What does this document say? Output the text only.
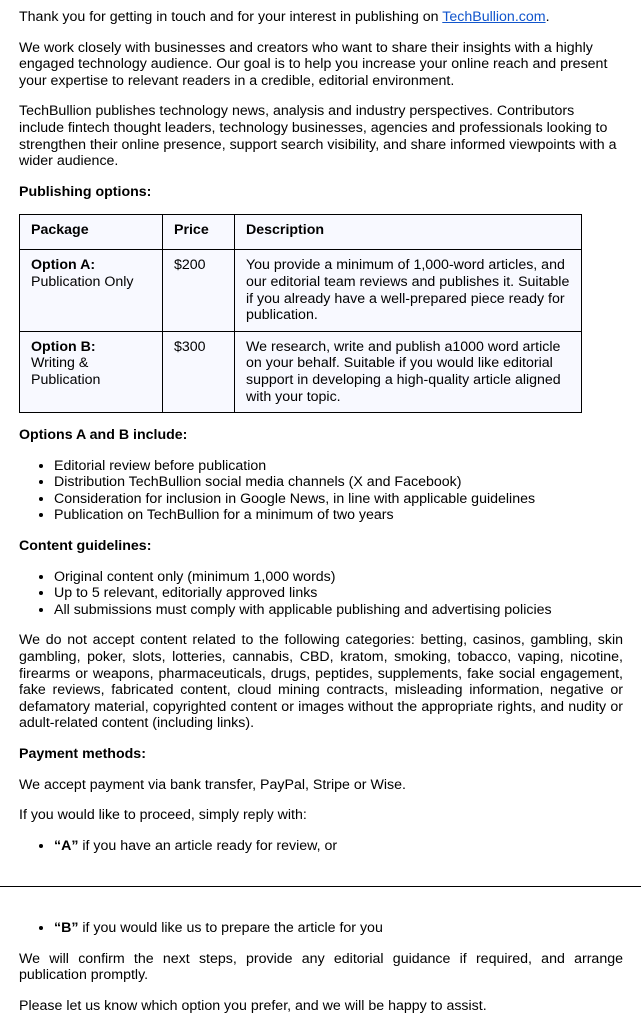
Thank you for getting in touch and for your interest in publishing on TechBullion.com.

We work closely with businesses and creators who want to share their insights with a highly engaged technology audience. Our goal is to help you increase your online reach and present your expertise to relevant readers in a credible, editorial environment.

TechBullion publishes technology news, analysis and industry perspectives. Contributors include fintech thought leaders, technology businesses, agencies and professionals looking to strengthen their online presence, support search visibility, and share informed viewpoints with a wider audience.

Publishing options:

Package	Price	Description
Option A:
Publication Only	$200	You provide a minimum of 1,000-word articles, and our editorial team reviews and publishes it. Suitable if you already have a well-prepared piece ready for publication.
Option B:
Writing & Publication	$300	We research, write and publish a1000 word article on your behalf. Suitable if you would like editorial support in developing a high-quality article aligned with your topic.

Options A and B include:

• Editorial review before publication
• Distribution TechBullion social media channels (X and Facebook)
• Consideration for inclusion in Google News, in line with applicable guidelines
• Publication on TechBullion for a minimum of two years

Content guidelines:

• Original content only (minimum 1,000 words)
• Up to 5 relevant, editorially approved links
• All submissions must comply with applicable publishing and advertising policies

We do not accept content related to the following categories: betting, casinos, gambling, skin gambling, poker, slots, lotteries, cannabis, CBD, kratom, smoking, tobacco, vaping, nicotine, firearms or weapons, pharmaceuticals, drugs, peptides, supplements, fake social engagement, fake reviews, fabricated content, cloud mining contracts, misleading information, negative or defamatory material, copyrighted content or images without the appropriate rights, and nudity or adult-related content (including links).

Payment methods:

We accept payment via bank transfer, PayPal, Stripe or Wise.

If you would like to proceed, simply reply with:

• “A” if you have an article ready for review, or
• “B” if you would like us to prepare the article for you

We will confirm the next steps, provide any editorial guidance if required, and arrange publication promptly.

Please let us know which option you prefer, and we will be happy to assist.
